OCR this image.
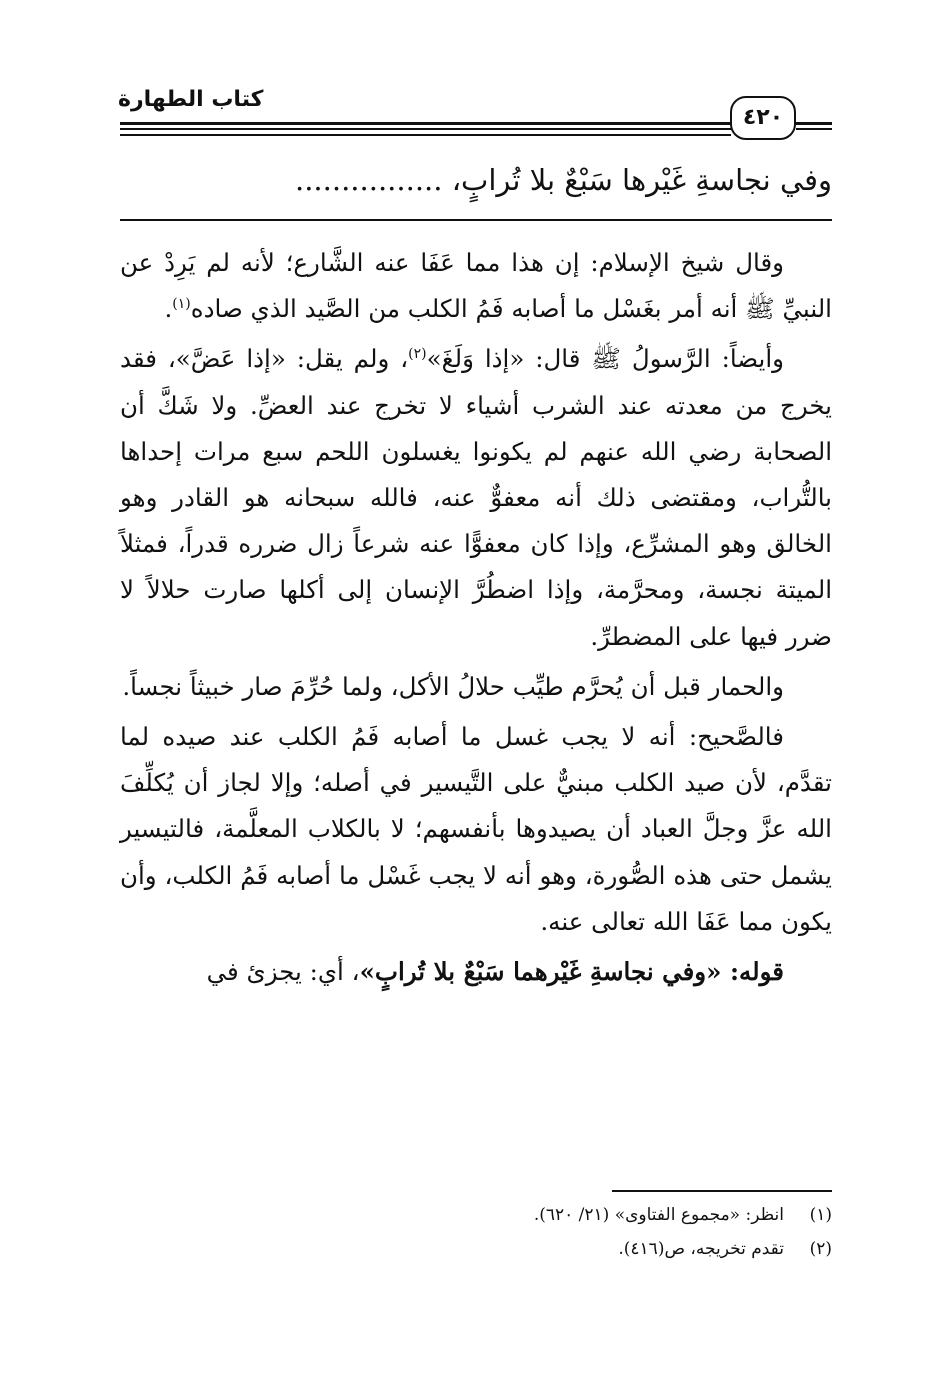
كتاب الطهارة
٤٢٠
وفي نجاسةِ غَيْرها سَبْعٌ بلا تُرابٍ، ................

وقال شيخ الإسلام: إن هذا مما عَفَا عنه الشَّارع؛ لأنه لم يَرِدْ عن النبيِّ ﷺ أنه أمر بغَسْل ما أصابه فَمُ الكلب من الصَّيد الذي صاده$^{(١)}$.

وأيضاً: الرَّسولُ ﷺ قال: «إذا وَلَغَ»$^{(٢)}$، ولم يقل: «إذا عَضَّ»، فقد يخرج من معدته عند الشرب أشياء لا تخرج عند العضِّ. ولا شَكَّ أن الصحابة رضي الله عنهم لم يكونوا يغسلون اللحم سبع مرات إحداها بالتُّراب، ومقتضى ذلك أنه معفوٌّ عنه، فالله سبحانه هو القادر وهو الخالق وهو المشرِّع، وإذا كان معفوًّا عنه شرعاً زال ضرره قدراً، فمثلاً الميتة نجسة، ومحرَّمة، وإذا اضطُرَّ الإنسان إلى أكلها صارت حلالاً لا ضرر فيها على المضطرِّ.

والحمار قبل أن يُحرَّم طيِّب حلالُ الأكل، ولما حُرِّمَ صار خبيثاً نجساً.

فالصَّحيح: أنه لا يجب غسل ما أصابه فَمُ الكلب عند صيده لما تقدَّم، لأن صيد الكلب مبنيٌّ على التَّيسير في أصله؛ وإلا لجاز أن يُكلِّفَ الله عزَّ وجلَّ العباد أن يصيدوها بأنفسهم؛ لا بالكلاب المعلَّمة، فالتيسير يشمل حتى هذه الصُّورة، وهو أنه لا يجب غَسْل ما أصابه فَمُ الكلب، وأن يكون مما عَفَا الله تعالى عنه.

قوله: «وفي نجاسةِ غَيْرهما سَبْعٌ بلا تُرابٍ»، أي: يجزئ في

(١)انظر: «مجموع الفتاوى» (٢١/ ٦٢٠).
(٢)تقدم تخريجه، ص(٤١٦).
